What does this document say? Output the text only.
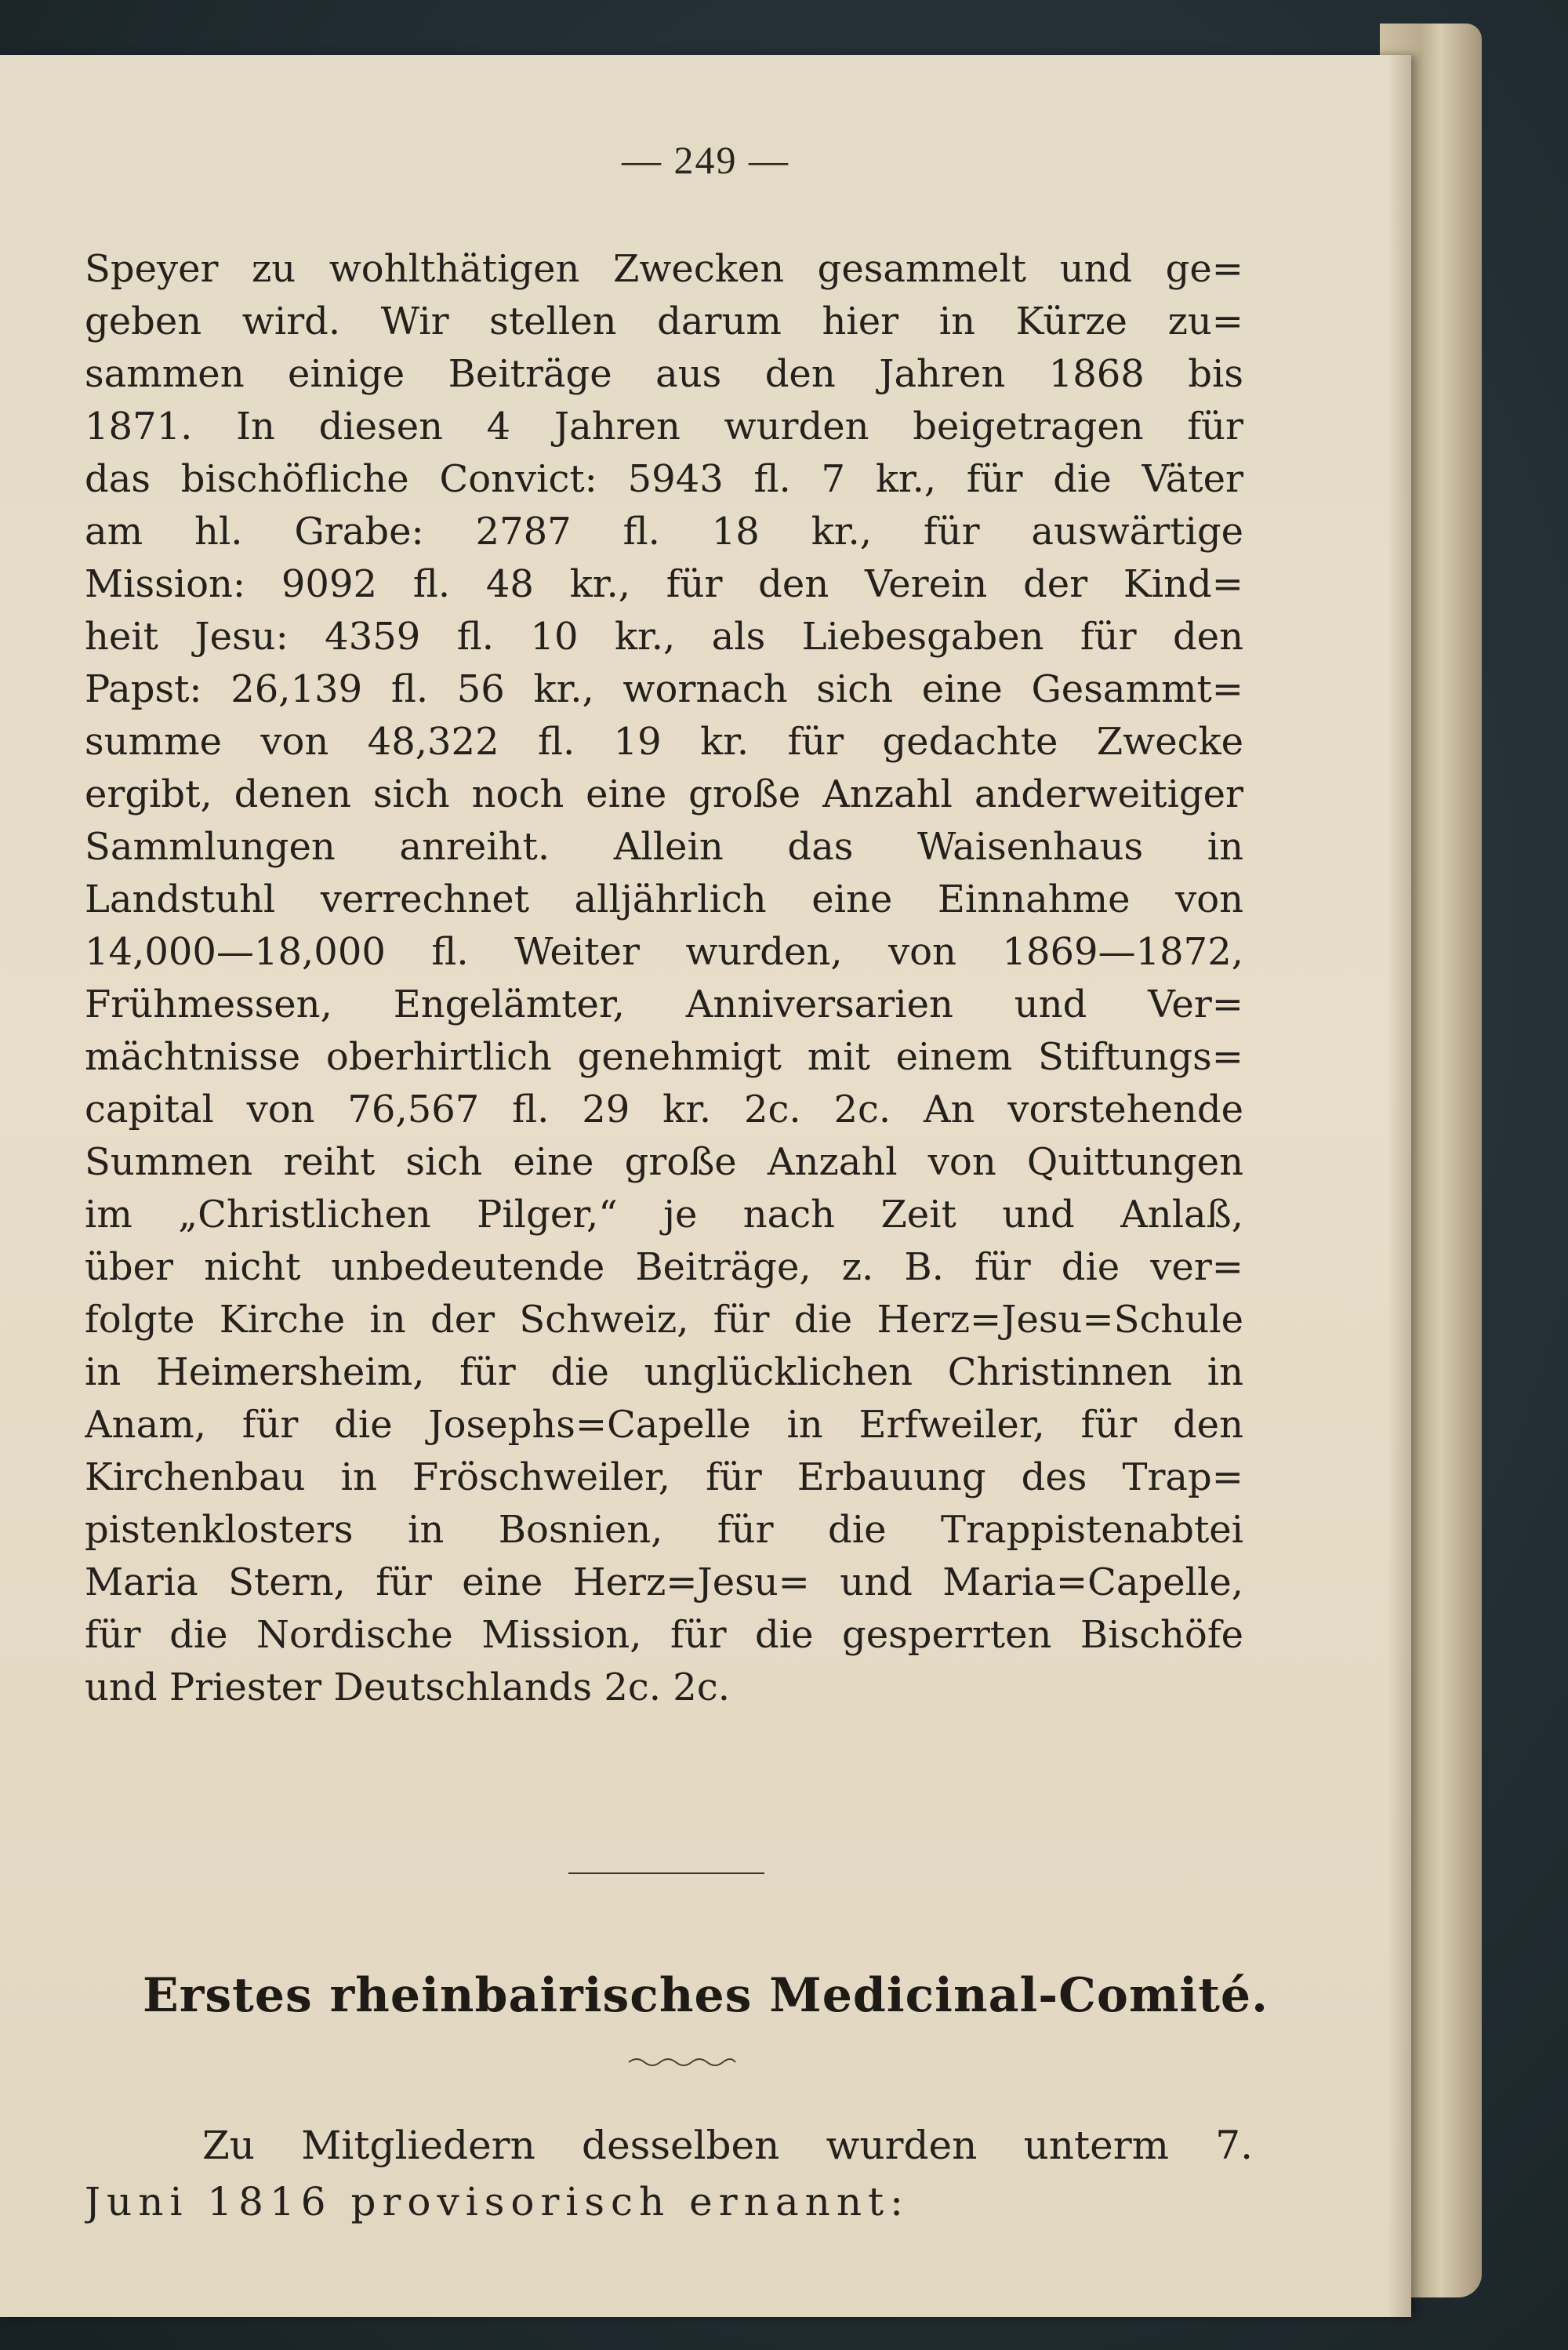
— 249 —
Speyer zu wohlthätigen Zwecken gesammelt und ge=
geben wird. Wir stellen darum hier in Kürze zu=
sammen einige Beiträge aus den Jahren 1868 bis
1871. In diesen 4 Jahren wurden beigetragen für
das bischöfliche Convict: 5943 fl. 7 kr., für die Väter
am hl. Grabe: 2787 fl. 18 kr., für auswärtige
Mission: 9092 fl. 48 kr., für den Verein der Kind=
heit Jesu: 4359 fl. 10 kr., als Liebesgaben für den
Papst: 26,139 fl. 56 kr., wornach sich eine Gesammt=
summe von 48,322 fl. 19 kr. für gedachte Zwecke
ergibt, denen sich noch eine große Anzahl anderweitiger
Sammlungen anreiht. Allein das Waisenhaus in
Landstuhl verrechnet alljährlich eine Einnahme von
14,000—18,000 fl. Weiter wurden, von 1869—1872,
Frühmessen, Engelämter, Anniversarien und Ver=
mächtnisse oberhirtlich genehmigt mit einem Stiftungs=
capital von 76,567 fl. 29 kr. 2c. 2c. An vorstehende
Summen reiht sich eine große Anzahl von Quittungen
im „Christlichen Pilger,“ je nach Zeit und Anlaß,
über nicht unbedeutende Beiträge, z. B. für die ver=
folgte Kirche in der Schweiz, für die Herz=Jesu=Schule
in Heimersheim, für die unglücklichen Christinnen in
Anam, für die Josephs=Capelle in Erfweiler, für den
Kirchenbau in Fröschweiler, für Erbauung des Trap=
pistenklosters in Bosnien, für die Trappistenabtei
Maria Stern, für eine Herz=Jesu= und Maria=Capelle,
für die Nordische Mission, für die gesperrten Bischöfe
und Priester Deutschlands 2c. 2c.
Erstes rheinbairisches Medicinal-Comité.
Zu Mitgliedern desselben wurden unterm 7.
Juni 1816 provisorisch ernannt:
